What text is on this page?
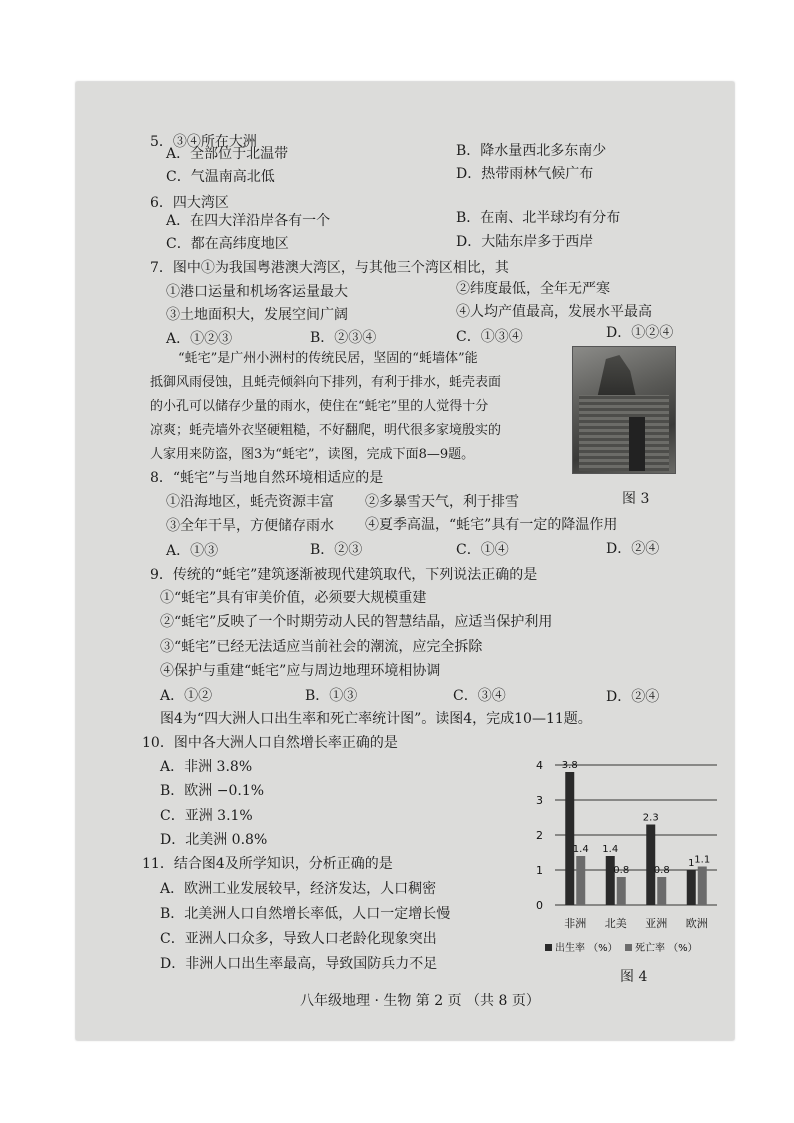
5．③④所在大洲
A．全部位于北温带	B．降水量西北多东南少
C．气温南高北低	D．热带雨林气候广布
6．四大湾区
A．在四大洋沿岸各有一个	B．在南、北半球均有分布
C．都在高纬度地区	D．大陆东岸多于西岸
7．图中①为我国粤港澳大湾区，与其他三个湾区相比，其
①港口运量和机场客运量最大	②纬度最低，全年无严寒
③土地面积大，发展空间广阔	④人均产值最高，发展水平最高
A．①②③	B．②③④	C．①③④	D．①②④
“蚝宅”是广州小洲村的传统民居，坚固的“蚝墙体”能
抵御风雨侵蚀，且蚝壳倾斜向下排列，有利于排水，蚝壳表面
的小孔可以储存少量的雨水，使住在“蚝宅”里的人觉得十分
凉爽；蚝壳墙外衣坚硬粗糙，不好翻爬，明代很多家境殷实的
人家用来防盗，图3为“蚝宅”，读图，完成下面8—9题。
8．“蚝宅”与当地自然环境相适应的是
①沿海地区，蚝壳资源丰富 ②多暴雪天气，利于排雪	图 3
③全年干旱，方便储存雨水 ④夏季高温，“蚝宅”具有一定的降温作用
A．①③	B．②③	C．①④	D．②④
9．传统的“蚝宅”建筑逐渐被现代建筑取代，下列说法正确的是
①“蚝宅”具有审美价值，必须要大规模重建
②“蚝宅”反映了一个时期劳动人民的智慧结晶，应适当保护利用
③“蚝宅”已经无法适应当前社会的潮流，应完全拆除
④保护与重建“蚝宅”应与周边地理环境相协调
A．①②	B．①③	C．③④	D．②④
图4为“四大洲人口出生率和死亡率统计图”。读图4，完成10—11题。
10．图中各大洲人口自然增长率正确的是
A．非洲 3.8%
B．欧洲 −0.1%
C．亚洲 3.1%
D．北美洲 0.8%
11．结合图4及所学知识，分析正确的是
A．欧洲工业发展较早，经济发达，人口稠密
B．北美洲人口自然增长率低，人口一定增长慢
C．亚洲人口众多，导致人口老龄化现象突出
D．非洲人口出生率最高，导致国防兵力不足
0
1
2
3
4 3.8
1.4
非洲
1.4
0.8
北美
2.3
0.8
亚洲
1 1.1
欧洲
出生率 （%） 死亡率 （%）
图 4
八年级地理 · 生物 第 2 页 （共 8 页）
